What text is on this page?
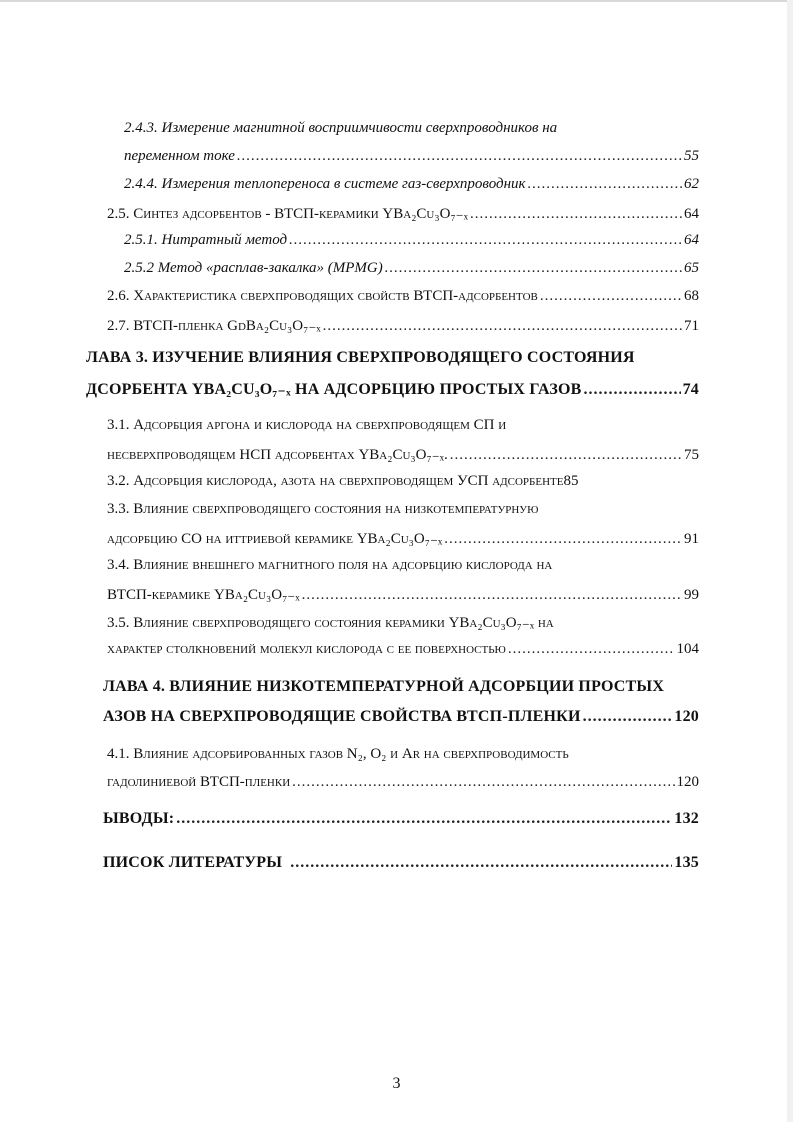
2.4.3. Измерение магнитной восприимчивости сверхпроводников на
переменном токе .....	55
2.4.4. Измерения теплопереноса в системе газ-сверхпроводник .....	62
2.5. Синтез адсорбентов - ВТСП-керамики YBa₂Cu₃O₇₋ₓ .....	64
2.5.1. Нитратный метод .....	64
2.5.2 Метод «расплав-закалка» (MPMG) .....	65
2.6. Характеристика сверхпроводящих свойств ВТСП-адсорбентов .....	68
2.7. ВТСП-пленка GdBa₂Cu₃O₇₋ₓ .....	71
ЛАВА 3. ИЗУЧЕНИЕ ВЛИЯНИЯ СВЕРХПРОВОДЯЩЕГО СОСТОЯНИЯ
ДСОРБЕНТА YBA₂CU₃O₇₋ₓ НА АДСОРБЦИЮ ПРОСТЫХ ГАЗОВ .....	74
3.1. Адсорбция аргона и кислорода на сверхпроводящем СП и
несверхпроводящем НСП адсорбентах YBa₂Cu₃O₇₋ₓ. .....	75
3.2. Адсорбция кислорода, азота на сверхпроводящем УСП адсорбенте 85
3.3. Влияние сверхпроводящего состояния на низкотемпературную
адсорбцию CO на иттриевой керамике YBa₂Cu₃O₇₋ₓ .....	91
3.4. Влияние внешнего магнитного поля на адсорбцию кислорода на
ВТСП-керамике YBa₂Cu₃O₇₋ₓ .....	99
3.5. Влияние сверхпроводящего состояния керамики YBa₂Cu₃O₇₋ₓ на
характер столкновений молекул кислорода с ее поверхностью .....	104
ЛАВА 4. ВЛИЯНИЕ НИЗКОТЕМПЕРАТУРНОЙ АДСОРБЦИИ ПРОСТЫХ
АЗОВ НА СВЕРХПРОВОДЯЩИЕ СВОЙСТВА ВТСП-ПЛЕНКИ .....	120
4.1. Влияние адсорбированных газов N₂, O₂ и Ar на сверхпроводимость
гадолиниевой ВТСП-пленки .....	120
ЫВОДЫ: .....	132
ПИСОК ЛИТЕРАТУРЫ .....	135
3
